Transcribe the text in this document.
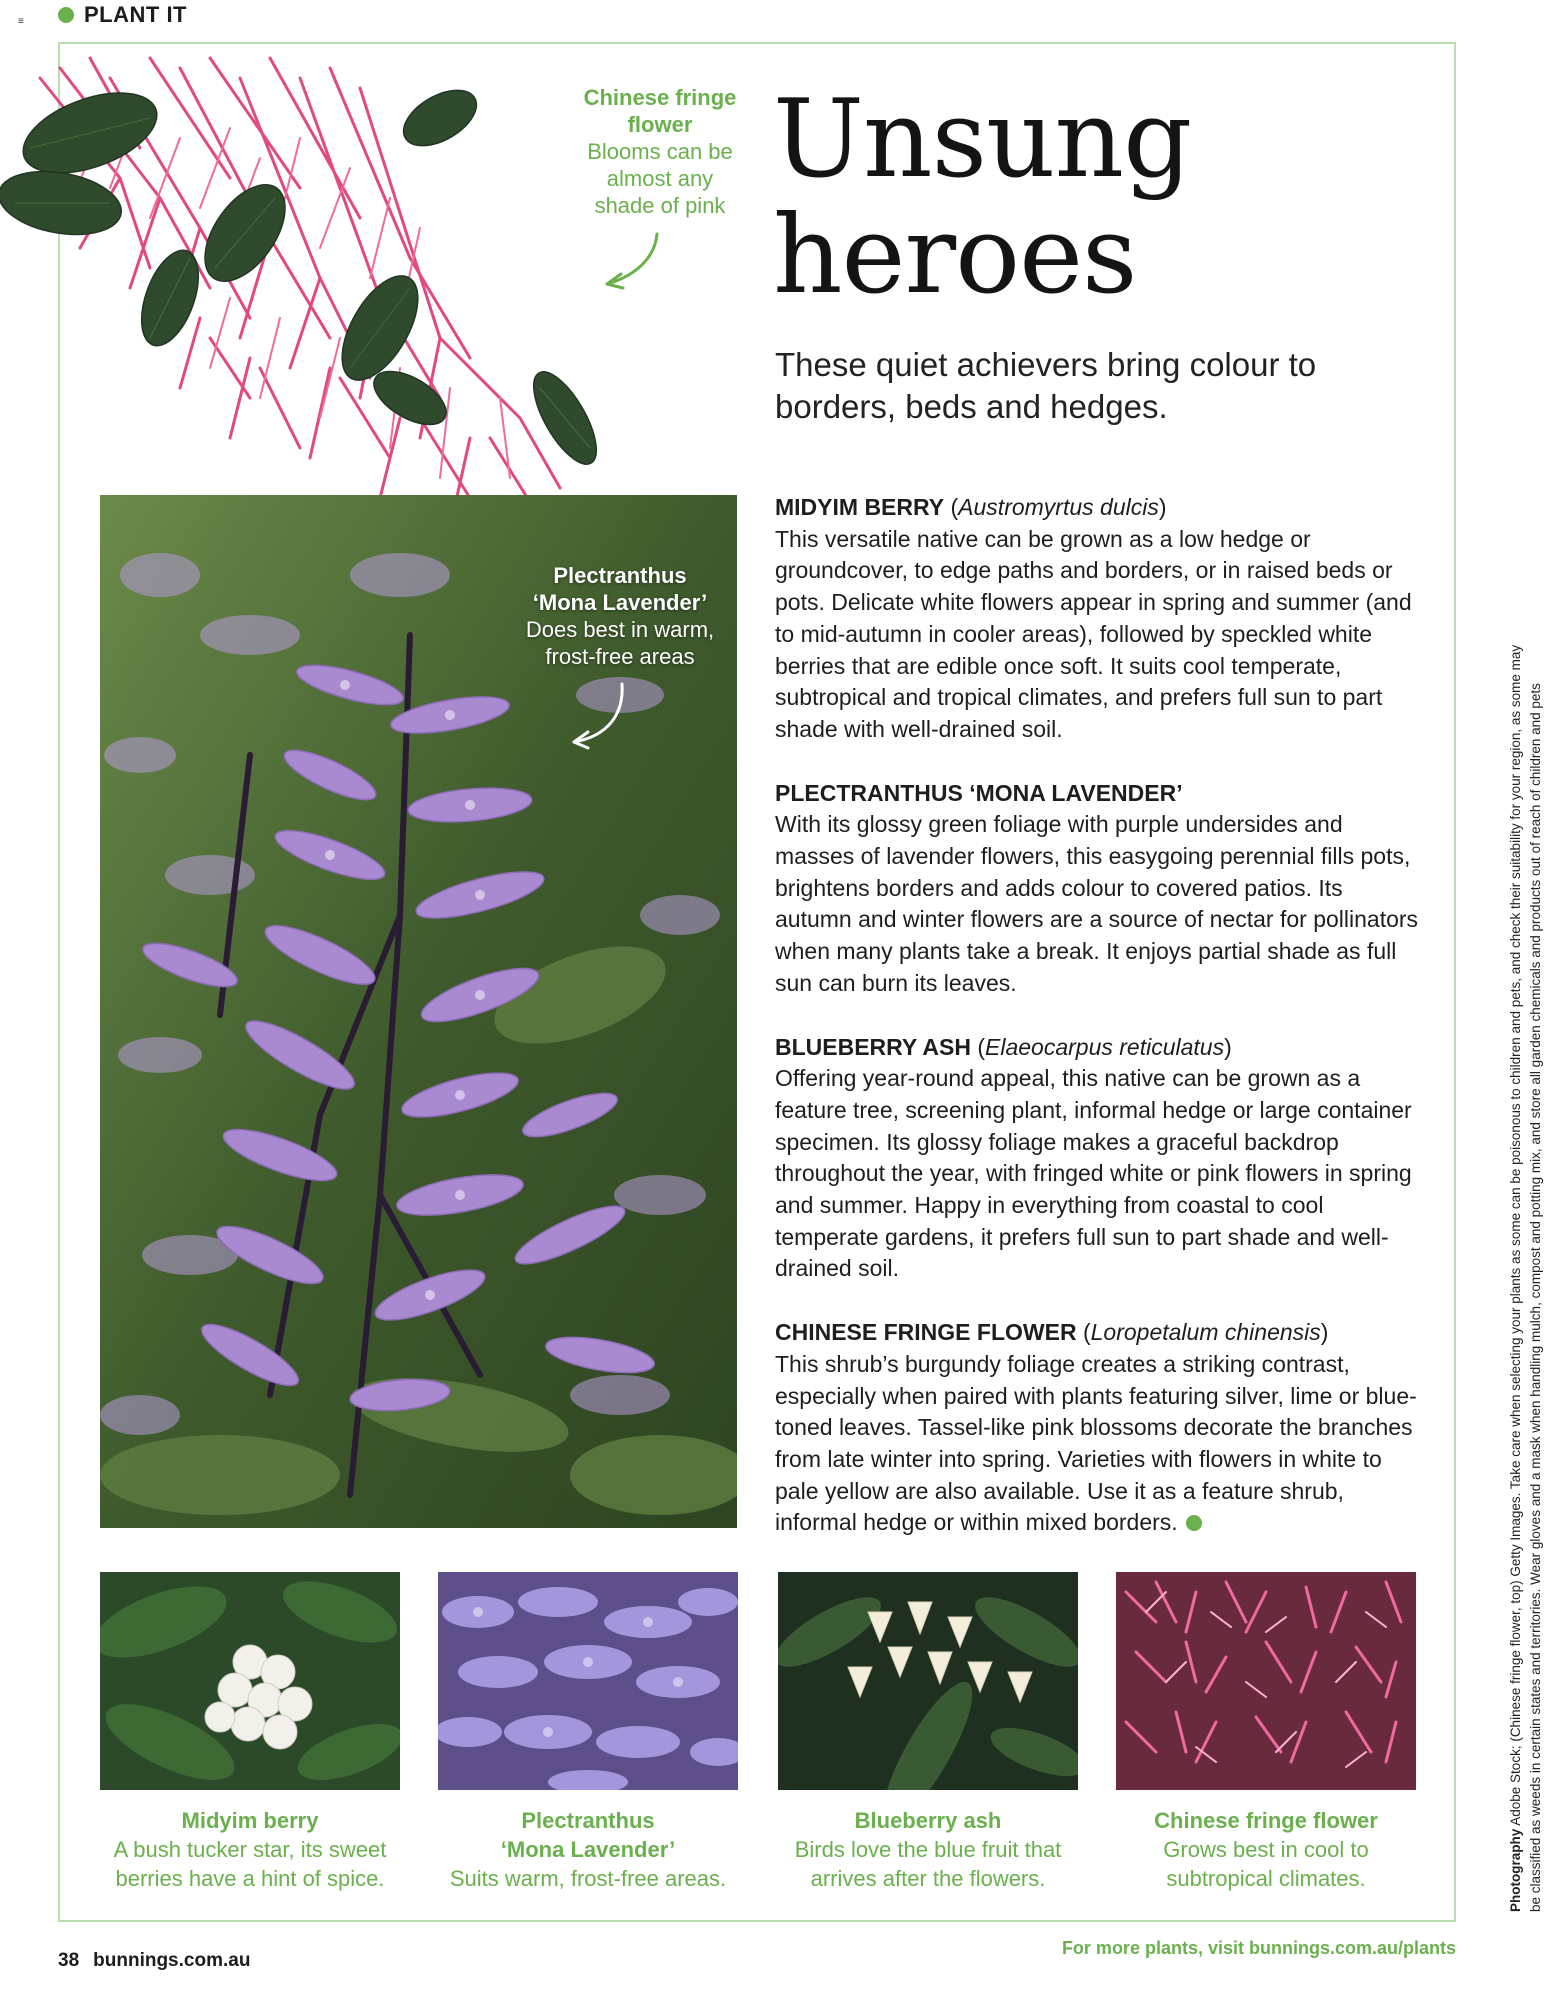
PLANT IT
≡
Chinese fringe
flower
Blooms can be
almost any
shade of pink
Unsung
heroes
These quiet achievers bring colour to borders, beds and hedges.
Plectranthus
‘Mona Lavender’
Does best in warm,
frost-free areas

MIDYIM BERRY (Austromyrtus dulcis)
This versatile native can be grown as a low hedge or groundcover, to edge paths and borders, or in raised beds or pots. Delicate white flowers appear in spring and summer (and to mid-autumn in cooler areas), followed by speckled white berries that are edible once soft. It suits cool temperate, subtropical and tropical climates, and prefers full sun to part shade with well-drained soil.

PLECTRANTHUS ‘MONA LAVENDER’
With its glossy green foliage with purple undersides and masses of lavender flowers, this easygoing perennial fills pots, brightens borders and adds colour to covered patios. Its autumn and winter flowers are a source of nectar for pollinators when many plants take a break. It enjoys partial shade as full sun can burn its leaves.

BLUEBERRY ASH (Elaeocarpus reticulatus)
Offering year-round appeal, this native can be grown as a feature tree, screening plant, informal hedge or large container specimen. Its glossy foliage makes a graceful backdrop throughout the year, with fringed white or pink flowers in spring and summer. Happy in everything from coastal to cool temperate gardens, it prefers full sun to part shade and well-drained soil.

CHINESE FRINGE FLOWER (Loropetalum chinensis)
This shrub’s burgundy foliage creates a striking contrast, especially when paired with plants featuring silver, lime or blue-toned leaves. Tassel-like pink blossoms decorate the branches from late winter into spring. Varieties with flowers in white to pale yellow are also available. Use it as a feature shrub, informal hedge or within mixed borders.

Midyim berry
A bush tucker star, its sweet
berries have a hint of spice.
Plectranthus
‘Mona Lavender’
Suits warm, frost-free areas.
Blueberry ash
Birds love the blue fruit that
arrives after the flowers.
Chinese fringe flower
Grows best in cool to
subtropical climates.	Photography Adobe Stock; (Chinese fringe flower, top) Getty Images. Take care when selecting your plants as some can be poisonous to children and pets, and check their suitability for your region, as some may be classified as weeds in certain states and territories. Wear gloves and a mask when handling mulch, compost and potting mix, and store all garden chemicals and products out of reach of children and pets
38 bunnings.com.au
For more plants, visit bunnings.com.au/plants
